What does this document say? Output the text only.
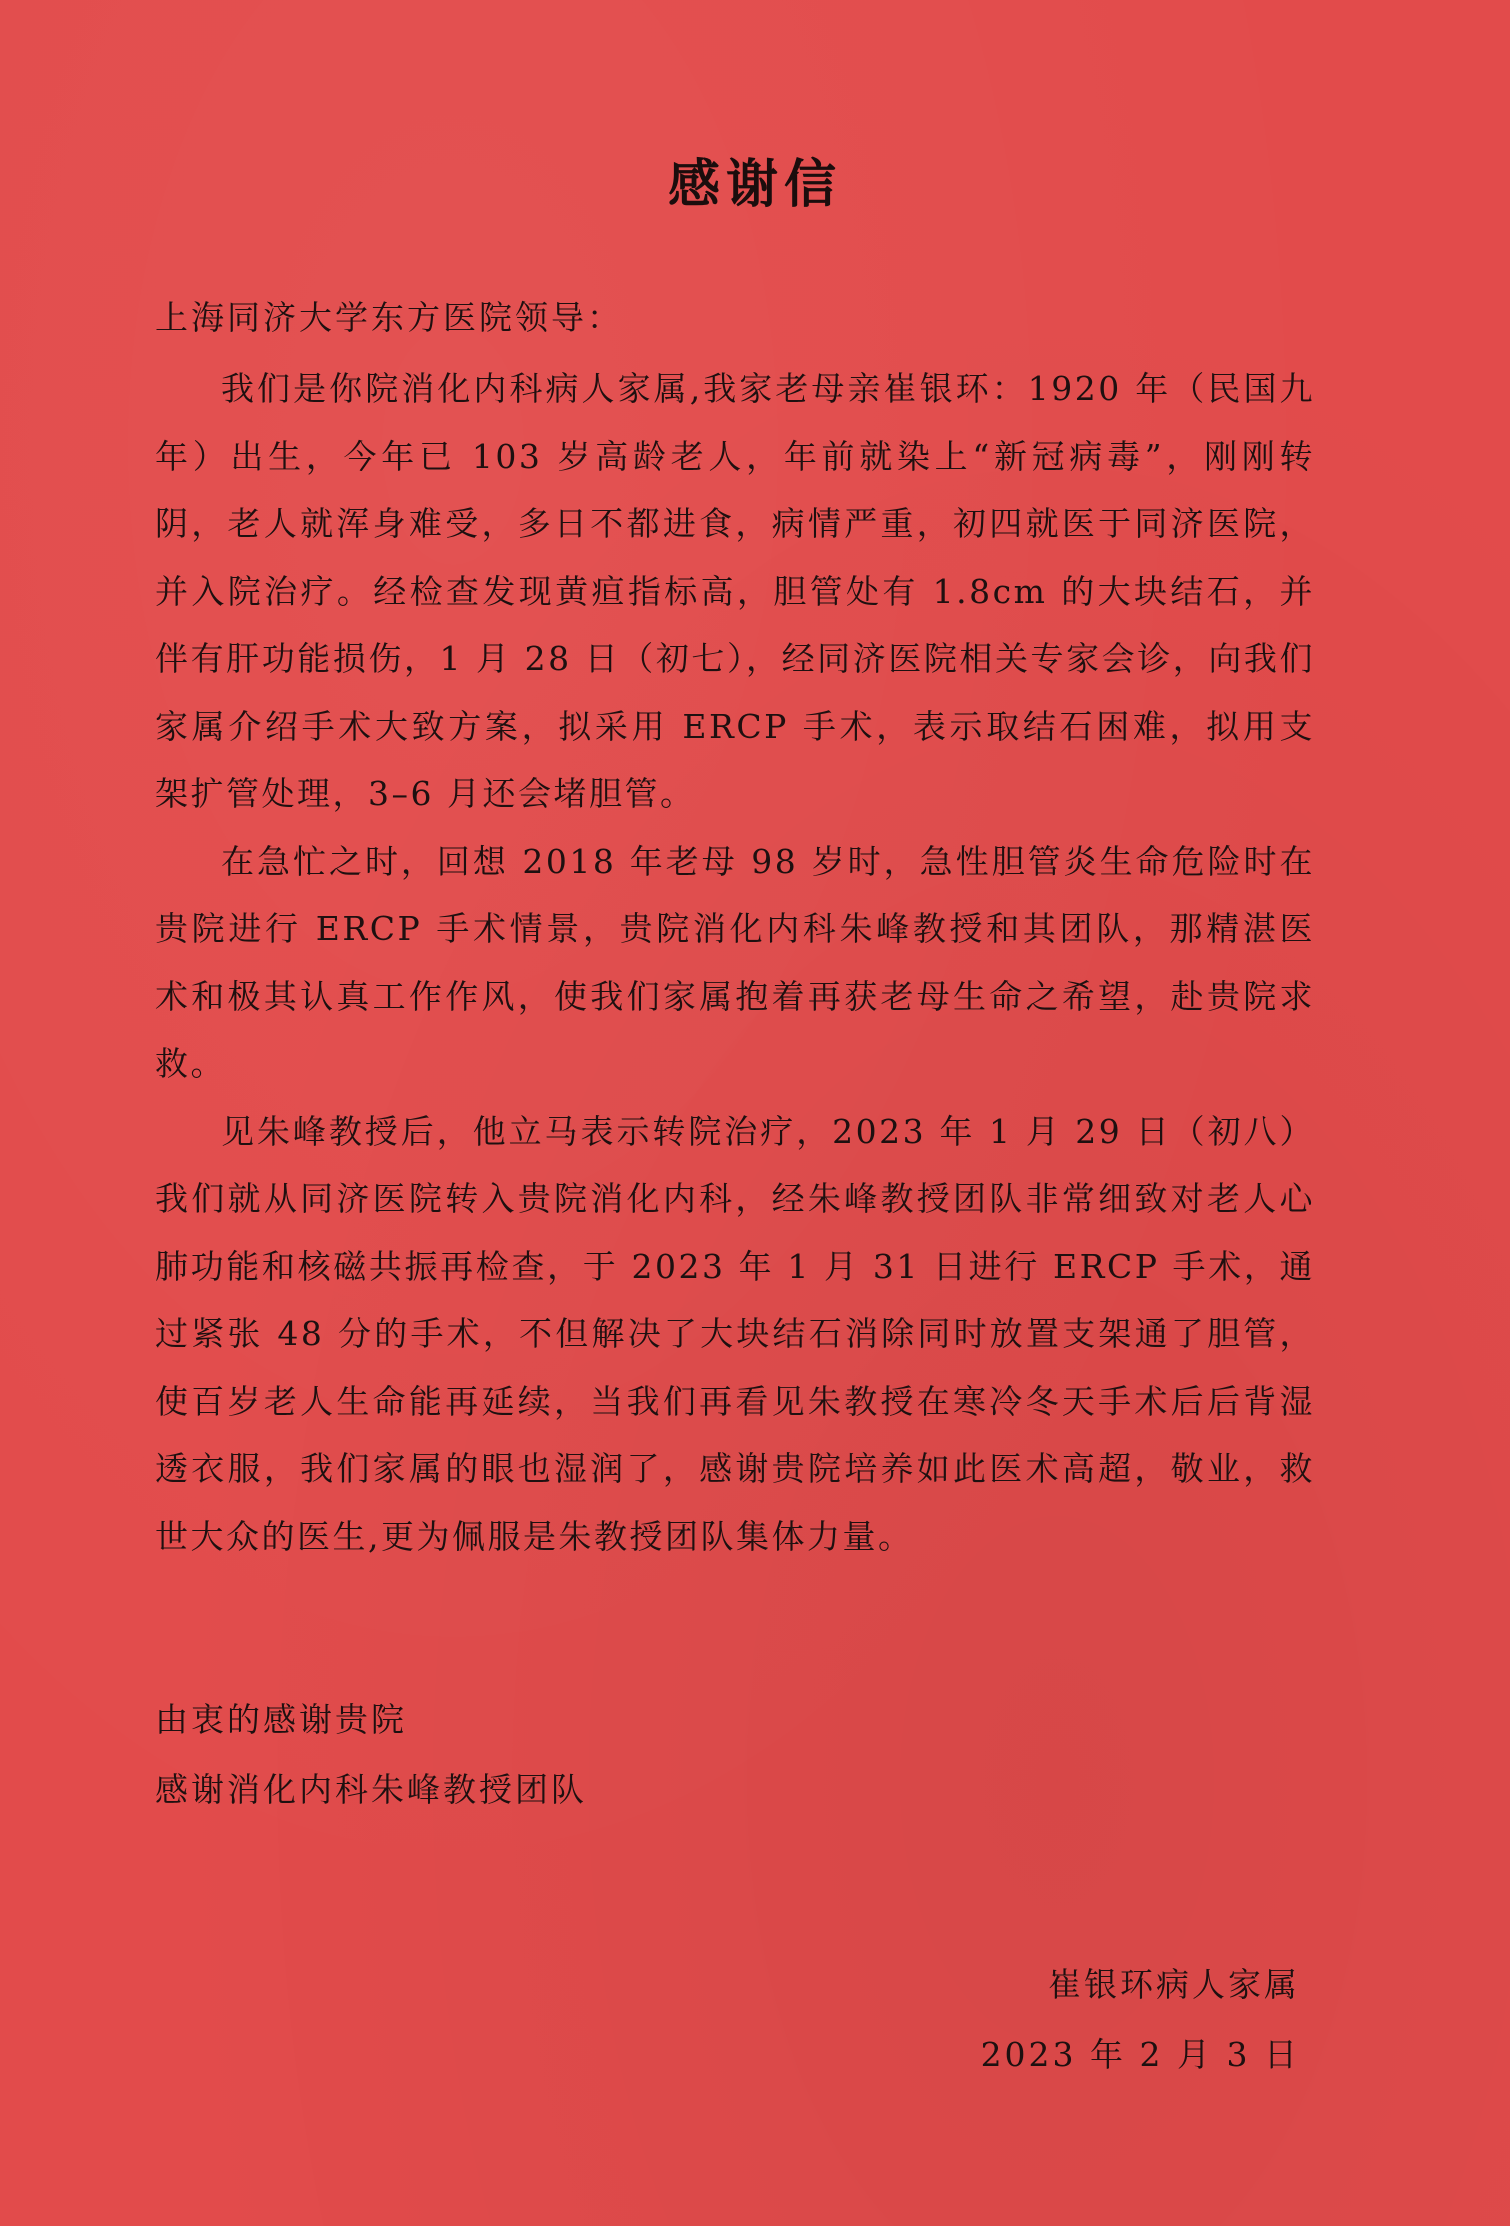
感谢信
上海同济大学东方医院领导：

我们是你院消化内科病人家属,我家老母亲崔银环：1920 年（民国九年）出生，今年已 103 岁高龄老人，年前就染上“新冠病毒”，刚刚转阴，老人就浑身难受，多日不都进食，病情严重，初四就医于同济医院，并入院治疗。经检查发现黄疸指标高，胆管处有 1.8cm 的大块结石，并伴有肝功能损伤，1 月 28 日（初七），经同济医院相关专家会诊，向我们家属介绍手术大致方案，拟采用 ERCP 手术，表示取结石困难，拟用支架扩管处理，3–6 月还会堵胆管。

在急忙之时，回想 2018 年老母 98 岁时，急性胆管炎生命危险时在贵院进行 ERCP 手术情景，贵院消化内科朱峰教授和其团队，那精湛医术和极其认真工作作风，使我们家属抱着再获老母生命之希望，赴贵院求救。

见朱峰教授后，他立马表示转院治疗，2023 年 1 月 29 日（初八）我们就从同济医院转入贵院消化内科，经朱峰教授团队非常细致对老人心肺功能和核磁共振再检查，于 2023 年 1 月 31 日进行 ERCP 手术，通过紧张 48 分的手术，不但解决了大块结石消除同时放置支架通了胆管，使百岁老人生命能再延续，当我们再看见朱教授在寒冷冬天手术后后背湿透衣服，我们家属的眼也湿润了，感谢贵院培养如此医术高超，敬业，救世大众的医生,更为佩服是朱教授团队集体力量。

由衷的感谢贵院
感谢消化内科朱峰教授团队
崔银环病人家属
2023 年 2 月 3 日
